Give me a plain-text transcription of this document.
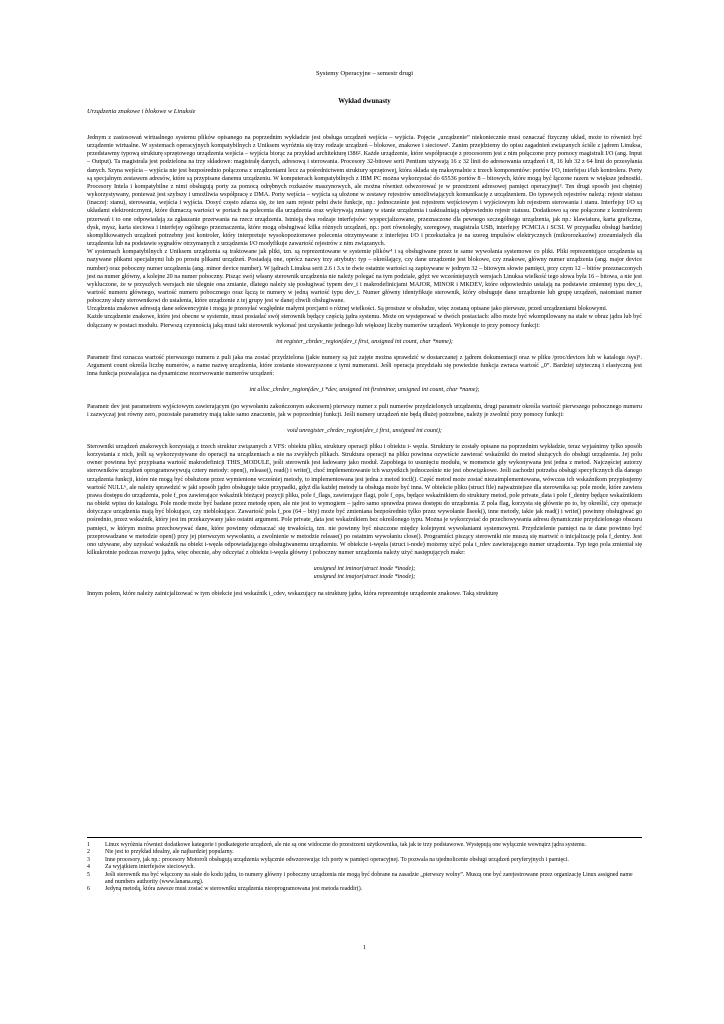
Systemy Operacyjne – semestr drugi
Wykład dwunasty
Urządzenia znakowe i blokowe w Linuksie

Jednym z zastosowań wirtualnego systemu plików opisanego na poprzednim wykładzie jest obsługa urządzeń wejścia – wyjścia. Pojęcie „urządzenie” niekoniecznie musi oznaczać fizyczny układ, może to również być urządzenie wirtualne. W systemach operacyjnych kompatybilnych z Uniksem wyróżnia się trzy rodzaje urządzeń – blokowe, znakowe i sieciowe¹. Zanim przejdziemy do opisu zagadnień związanych ściśle z jądrem Linuksa, przedstawmy typową strukturę sprzętowego urządzenia wejścia – wyjścia biorąc za przykład architekturę i386². Każde urządzenie, które współpracuje z procesorem jest z nim połączone przy pomocy magistrali I/O (ang. Input – Output). Ta magistrala jest podzielona na trzy składowe: magistralę danych, adresową i sterowania. Procesory 32-bitowe serii Pentium używają 16 z 32 linii do adresowania urządzeń i 8, 16 lub 32 z 64 linii do przesyłania danych. Szyna wejścia – wyjścia nie jest bezpośrednio połączona z urządzeniami lecz za pośrednictwem struktury sprzętowej, która składa się maksymalnie z trzech komponentów: portów I/O, interfejsu i/lub kontrolera. Porty są specjalnym zestawem adresów, które są przypisane danemu urządzeniu. W komputerach kompatybilnych z IBM PC można wykorzystać do 65536 portów 8 – bitowych, które mogą być łączone razem w większe jednostki. Procesory Intela i kompatybilne z nimi obsługują porty za pomocą odrębnych rozkazów maszynowych, ale można również odwzorować je w przestrzeni adresowej pamięci operacyjnej³. Ten drugi sposób jest chętniej wykorzystywany, ponieważ jest szybszy i umożliwia współpracę z DMA. Porty wejścia – wyjścia są ułożone w zestawy rejestrów umożliwiających komunikację z urządzeniem. Do typowych rejestrów należą: rejestr statusu (inaczej: stanu), sterowania, wejścia i wyjścia. Dosyć często zdarza się, że ten sam rejestr pełni dwie funkcje, np.: jednocześnie jest rejestrem wejściowym i wyjściowym lub rejestrem sterowania i stanu. Interfejsy I/O są układami elektronicznymi, które tłumaczą wartości w portach na polecenia dla urządzenia oraz wykrywają zmiany w stanie urządzenia i uaktualniają odpowiednio rejestr statusu. Dodatkowo są one połączone z kontrolerem przerwań i to one odpowiadają za zgłaszanie przerwania na rzecz urządzenia. Istnieją dwa rodzaje interfejsów: wyspecjalizowane, przeznaczone dla pewnego szczególnego urządzenia, jak np.: klawiatura, karta graficzna, dysk, mysz, karta sieciowa i interfejsy ogólnego przeznaczenia, które mogą obsługiwać kilka różnych urządzeń, np.: port równoległy, szeregowy, magistrala USB, interfejsy PCMCIA i SCSI. W przypadku obsługi bardziej skomplikowanych urządzeń potrzebny jest kontroler, który interpretuje wysokopoziomowe polecenia otrzymywane z interfejsu I/O i przekształca je na szereg impulsów elektrycznych (mikrorozkazów) zrozumiałych dla urządzenia lub na podstawie sygnałów otrzymanych z urządzenia I/O modyfikuje zawartość rejestrów z nim związanych.

W systemach kompatybilnych z Uniksem urządzenia są traktowane jak pliki, tzn. są reprezentowane w systemie plików⁴ i są obsługiwane przez te same wywołania systemowe co pliki. Pliki reprezentujące urządzenia są nazywane plikami specjalnymi lub po prostu plikami urządzeń. Posiadają one, oprócz nazwy trzy atrybuty: typ – określający, czy dane urządzenie jest blokowe, czy znakowe, główny numer urządzenia (ang. major device number) oraz poboczny numer urządzenia (ang. minor device number). W jądrach Linuksa serii 2.6 i 3.x te dwie ostatnie wartości są zapisywane w jednym 32 – bitowym słowie pamięci, przy czym 12 – bitów przeznaczonych jest na numer główny, a kolejne 20 na numer poboczny. Pisząc swój własny sterownik urządzenia nie należy polegać na tym podziale, gdyż we wcześniejszych wersjach Linuksa wielkość tego słowa była 16 – bitowa, a nie jest wykluczone, że w przyszłych wersjach nie ulegnie ona zmianie, dlatego należy się posługiwać typem dev_t i makrodefinicjami MAJOR, MINOR i MKDEV, które odpowiednio ustalają na podstawie zmiennej typu dev_t, wartość numeru głównego, wartość numeru pobocznego oraz łączą te numery w jedną wartość typu dev_t. Numer główny identyfikuje sterownik, który obsługuje dane urządzenie lub grupę urządzeń, natomiast numer poboczny służy sterownikowi do ustalenia, które urządzenie z tej grupy jest w danej chwili obsługiwane.

Urządzenia znakowe adresują dane sekwencyjnie i mogą je przesyłać względnie małymi porcjami o różnej wielkości. Są prostsze w obsłudze, więc zostaną opisane jako pierwsze, przed urządzeniami blokowymi.

Każde urządzenie znakowe, które jest obecne w systemie, musi posiadać swój sterownik będący częścią jądra systemu. Może on występować w dwóch postaciach: albo może być wkompilowany na stałe w obraz jądra lub być dołączany w postaci modułu. Pierwszą czynnością jaką musi taki sterownik wykonać jest uzyskanie jednego lub większej liczby numerów urządzeń. Wykonuje to przy pomocy funkcji:

int register_chrdev_region(dev_t first, unsigned int count, char *name);

Parametr first oznacza wartość pierwszego numeru z puli jaka ma zostać przydzielona (jakie numery są już zajęte można sprawdzić w dostarczanej z jądrem dokumentacji oraz w pliku /proc/devices lub w katalogu /sys)⁵. Argument count określa liczbę numerów, a name nazwę urządzenia, które zostanie stowarzyszone z tymi numerami. Jeśli operacja przydziału się powiedzie funkcja zwraca wartość „0”. Bardziej użyteczną i elastyczną jest inna funkcja pozwalająca na dynamiczne rezerwowanie numerów urządzeń:

int alloc_chrdev_region(dev_t *dev, unsigned int firstminor, unsigned int count, char *name);

Parametr dev jest parametrem wyjściowym zawierającym (po wywołaniu zakończonym sukcesem) pierwszy numer z puli numerów przydzielonych urządzeniu, drugi parametr określa wartość pierwszego pobocznego numeru i zazwyczaj jest równy zero, pozostałe parametry mają takie samo znaczenie, jak w poprzedniej funkcji. Jeśli numery urządzeń nie będą dłużej potrzebne, należy je zwolnić przy pomocy funkcji:

void unregister_chrdev_region(dev_t first, unsigned int count);

Sterowniki urządzeń znakowych korzystają z trzech struktur związanych z VFS: obiektu pliku, struktury operacji pliku i obiektu i- węzła. Struktury te zostały opisane na poprzednim wykładzie, teraz wyjaśnimy tylko sposób korzystania z nich, jeśli są wykorzystywane do operacji na urządzeniach a nie na zwykłych plikach. Struktura operacji na pliku powinna ozywiście zawierać wskaźniki do metod służących do obsługi urządzenia. Jej polu owner powinna być przypisana wartość makrodefinicji THIS_MODULE, jeśli sterownik jest ładowany jako moduł. Zapobiega to usunięciu modułu, w momencie gdy wykonywana jest jedna z metod. Najczęściej autorzy sterowników urządzeń oprogramowywują cztery metody: open(), release(), read() i write(), choć implementowanie ich wszystkich jednocześnie nie jest obowiązkowe. Jeśli zachodzi potrzeba obsługi specyficznych dla danego urządzenia funkcji, które nie mogą być obsłużone przez wymienione wcześniej metody, to implementowana jest jedna z metod ioctl(). Część metod może zostać niezaimplementowana, wówczas ich wskaźnikom przypisujemy wartość NULL⁶, ale należy sprawdzić w jaki sposób jądro obsługuje takie przypadki, gdyż dla każdej metody ta obsługa może być inna. W obiekcie pliku (struct file) najważniejsze dla sterownika są: pole mode, które zawiera prawa dostępu do urządzenia, pole f_pos zawierające wskaźnik bieżącej pozycji pliku, pole f_flags, zawierające flagi, pole f_ops, będące wskaźnikiem do struktury metod, pole private_data i pole f_dentry będące wskaźnikiem na obiekt wpisu do katalogu. Pole mode może być badane przez metodę open, ale nie jest to wymogiem – jądro samo sprawdza prawa dostępu do urządzenia. Z pola flag, korzysta się głównie po to, by określić, czy operacje dotyczące urządzenia mają być blokujące, czy nieblokujące. Zawartość pola f_pos (64 – bity) może być zmieniana bezpośrednio tylko przez wywołanie llseek(), inne metody, takie jak read() i write() powinny obsługiwać go pośrednio, przez wskaźnik, który jest im przekazywany jako ostatni argument. Pole private_data jest wskaźnikiem bez określonego typu. Można je wykorzystać do przechowywania adresu dynamicznie przydzielonego obszaru pamięci, w którym można przechowywać dane, które powinny odznaczać się trwałością, tzn. nie powinny być niszczone między kolejnymi wywołaniami systemowymi. Przydzielenie pamięci na te dane powinno być przeprowadzane w metodzie open() przy jej pierwszym wywołaniu, a zwolnienie w metodzie release() po ostatnim wywołaniu close(). Programiści piszący sterowniki nie muszą się martwić o inicjalizację pola f_dentry. Jest ono używane, aby uzyskać wskaźnik na obiekt i-węzła odpowiadającego obsługiwanemu urządzeniu. W obiekcie i-węzła (struct i-node) możemy użyć pola i_rdev zawierającego numer urządzenia. Typ tego pola zmieniał się kilkukrotnie podczas rozwoju jądra, więc obecnie, aby odczytać z obiektu i-węzła główny i poboczny numer urządzenia należy użyć następujących makr:

unsigned int iminor(struct inode *inode);
unsigned int imajor(struct inode *inode);

Innym polem, które należy zainicjalizować w tym obiekcie jest wskaźnik i_cdev, wskazujący na strukturę jądra, która reprezentuje urządzenie znakowe. Taką strukturę

1	Linux wyróżnia również dodatkowe kategorie i podkategorie urządzeń, ale nie są one widoczne do przestrzeni użytkownika, tak jak te trzy podstawowe. Występują one wyłącznie wewnątrz jądra systemu.
2	Nie jest to przykład idealny, ale najbardziej popularny.
3	Inne procesory, jak np.: procesory Motoroli obsługują urządzenia wyłącznie odwzorowując ich porty w pamięci operacyjnej. To pozwala na ujednolicenie obsługi urządzeń peryferyjnych i pamięci.
4	Za wyjątkiem interfejsów sieciowych.
5	Jeśli sterownik ma być włączony na stałe do kodu jądra, to numery główny i poboczny urządzenia nie mogą być dobrane na zasadzie „pierwszy wolny”. Muszą one być zarejestrowane przez organizację Linux assigned name and numbers authority (www.lanana.org).
6	Jedyną metodą, która zawsze musi zostać w sterowniku urządzenia nieoprogramowana jest metoda readdir().
1
